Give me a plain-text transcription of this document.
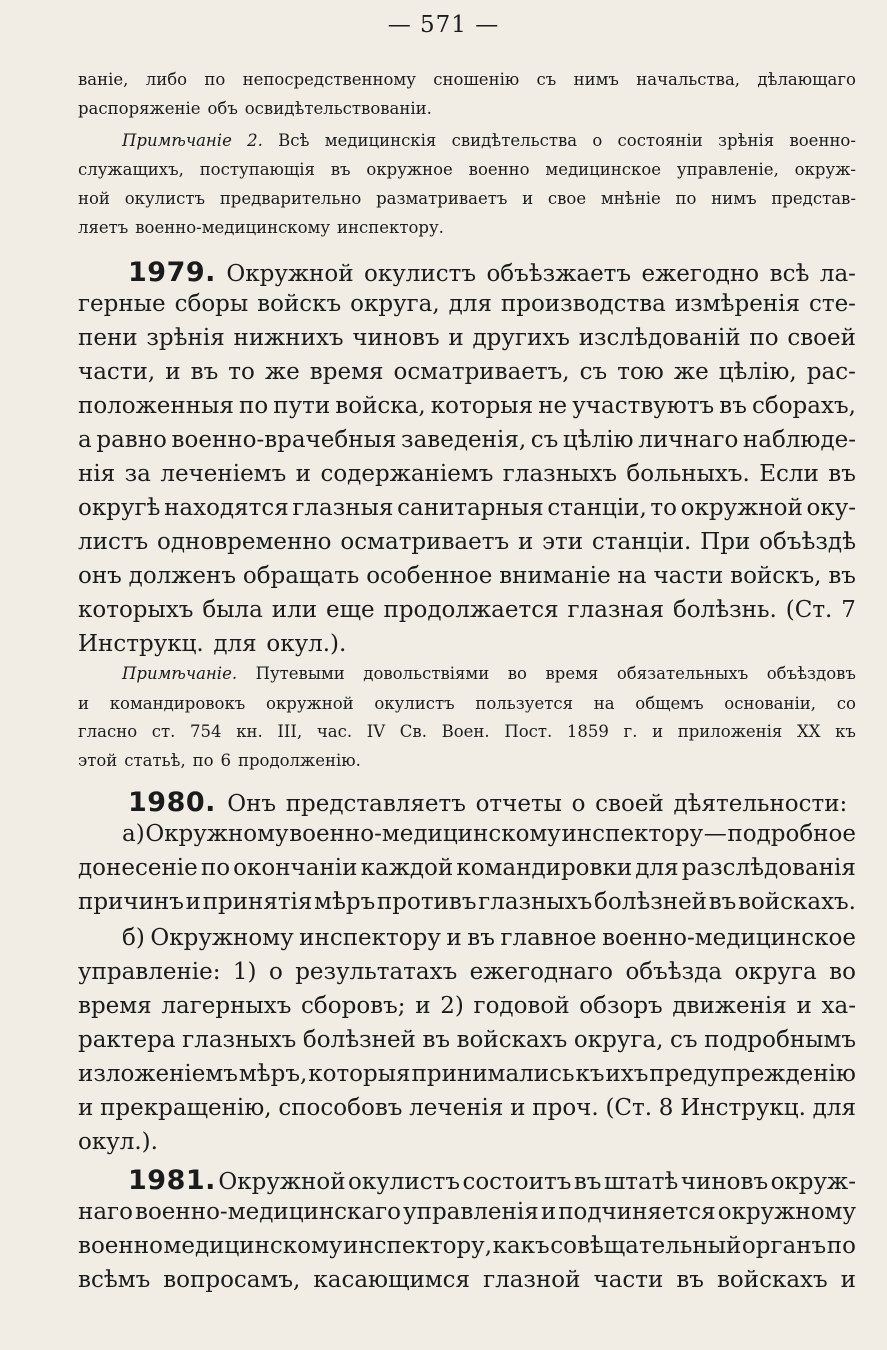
— 571 —
ваніе, либо по непосредственному сношенію съ нимъ начальства, дѣлающаго
распоряженіе объ освидѣтельствованіи.
Примѣчаніе 2. Всѣ медицинскія свидѣтельства о состояніи зрѣнія военно-
служащихъ, поступающія въ окружное военно медицинское управленіе, окруж-
ной окулистъ предварительно разматриваетъ и свое мнѣніе по нимъ представ-
ляетъ военно-медицинскому инспектору.
1979. Окружной окулистъ объѣзжаетъ ежегодно всѣ ла-
герные сборы войскъ округа, для производства измѣренія сте-
пени зрѣнія нижнихъ чиновъ и другихъ изслѣдованій по своей
части, и въ то же время осматриваетъ, съ тою же цѣлію, рас-
положенныя по пути войска, которыя не участвуютъ въ сборахъ,
а равно военно-врачебныя заведенія, съ цѣлію личнаго наблюде-
нія за леченіемъ и содержаніемъ глазныхъ больныхъ. Если въ
округѣ находятся глазныя санитарныя станціи, то окружной оку-
листъ одновременно осматриваетъ и эти станціи. При объѣздѣ
онъ долженъ обращать особенное вниманіе на части войскъ, въ
которыхъ была или еще продолжается глазная болѣзнь. (Ст. 7
Инструкц. для окул.).
Примѣчаніе. Путевыми довольствіями во время обязательныхъ объѣздовъ
и командировокъ окружной окулистъ пользуется на общемъ основаніи, со
гласно ст. 754 кн. III, час. IV Св. Воен. Пост. 1859 г. и приложенія XX къ
этой статьѣ, по 6 продолженію.
1980. Онъ представляетъ отчеты о своей дѣятельности:
а) Окружному военно-медицинскому инспектору — подробное
донесеніе по окончаніи каждой командировки для разслѣдованія
причинъ и принятія мѣръ противъ глазныхъ болѣзней въ войскахъ.
б) Окружному инспектору и въ главное военно-медицинское
управленіе: 1) о результатахъ ежегоднаго объѣзда округа во
время лагерныхъ сборовъ; и 2) годовой обзоръ движенія и ха-
рактера глазныхъ болѣзней въ войскахъ округа, съ подробнымъ
изложеніемъ мѣръ, которыя принимались къ ихъ предупрежденію
и прекращенію, способовъ леченія и проч. (Ст. 8 Инструкц. для
окул.).
1981. Окружной окулистъ состоитъ въ штатѣ чиновъ окруж-
наго военно-медицинскаго управленія и подчиняется окружному
военно медицинскому инспектору, какъ совѣщательный органъ по
всѣмъ вопросамъ, касающимся глазной части въ войскахъ и
